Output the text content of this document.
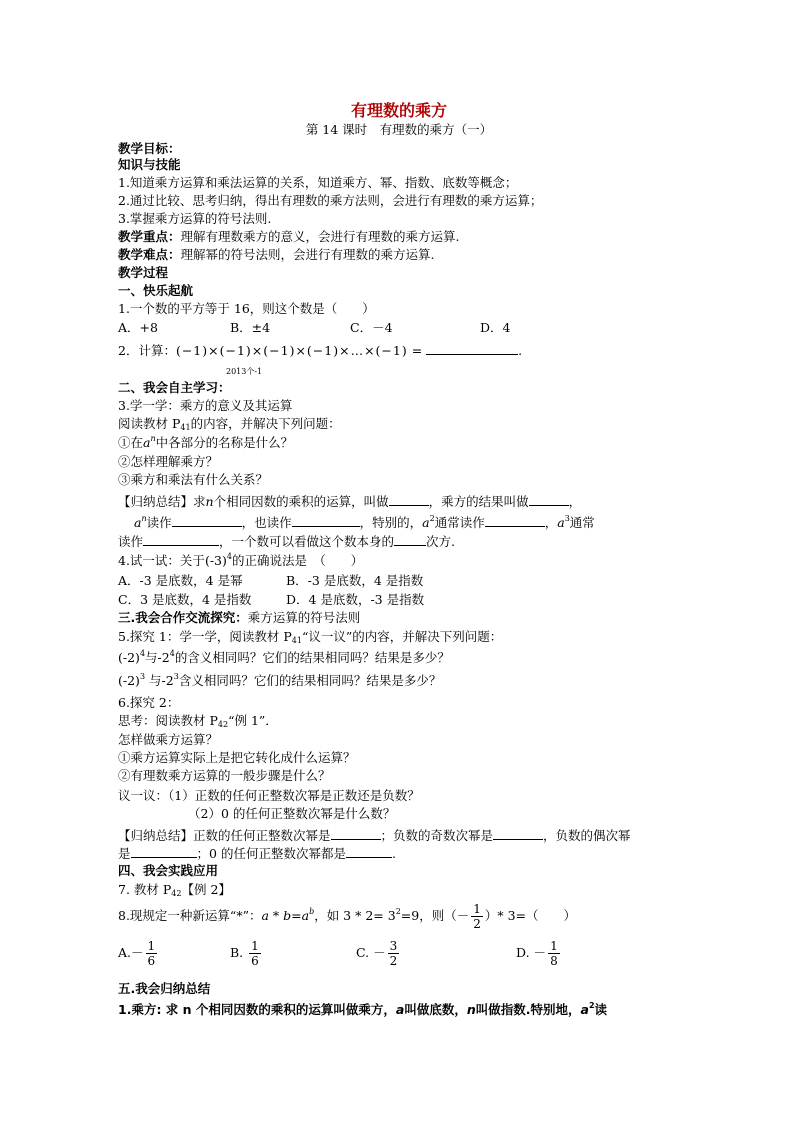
有理数的乘方
第 14 课时　有理数的乘方（一）
教学目标：
知识与技能
1.知道乘方运算和乘法运算的关系，知道乘方、幂、指数、底数等概念；
2.通过比较、思考归纳，得出有理数的乘方法则，会进行有理数的乘方运算；
3.掌握乘方运算的符号法则.
教学重点：理解有理数乘方的意义，会进行有理数的乘方运算.
教学难点：理解幂的符号法则，会进行有理数的乘方运算.
教学过程
一、快乐起航
1.一个数的平方等于 16，则这个数是（　　）
A．+8	B．±4	C．－4	D．4
2．计算：(−1)×(−1)×(−1)×(−1)×…×(−1) =	.
2013个-1
二、我会自主学习：
3.学一学：乘方的意义及其运算
阅读教材 $P_{41}$的内容，并解决下列问题：
①在$a^n$中各部分的名称是什么？
②怎样理解乘方？
③乘方和乘法有什么关系？
【归纳总结】求n个相同因数的乘积的运算，叫做	，乘方的结果叫做	，
$a^n$读作	，也读作	，特别的，$a^2$通常读作	，$a^3$通常
读作	，一个数可以看做这个数本身的	次方.
4.试一试：关于$(-3)^4$的正确说法是　（　　）
A．-3 是底数，4 是幂	B．-3 是底数，4 是指数
C．3 是底数，4 是指数	D．4 是底数，-3 是指数
三.我会合作交流探究：乘方运算的符号法则
5.探究 1：学一学，阅读教材 $P_{41}“$议一议”的内容，并解决下列问题：
$(-2)^4$与$-2^4$的含义相同吗？它们的结果相同吗？结果是多少？
$(-2)^3$ 与$-2^3$含义相同吗？它们的结果相同吗？结果是多少？
6.探究 2：
思考：阅读教材 $P_{42}“$例 1”．
怎样做乘方运算？
①乘方运算实际上是把它转化成什么运算？
②有理数乘方运算的一般步骤是什么？
议一议：（1）正数的任何正整数次幂是正数还是负数？
（2）0 的任何正整数次幂是什么数？
【归纳总结】正数的任何正整数次幂是	；负数的奇数次幂是	，负数的偶次幂
是	；0 的任何正整数次幂都是	.
四、我会实践应用
7. 教材 $P_{42}$【例 2】
8.现规定一种新运算“*”：$a * b=a^b$，如 $3 * 2= 3^2=9$，则（－ $\frac{1}{2}$ ）* 3=（　　）
$A.- \frac{1}{6}$	B. $\frac{1}{6}$	C. － $\frac{3}{2}$	D. － $\frac{1}{8}$
五.我会归纳总结
1.乘方: 求 n 个相同因数的乘积的运算叫做乘方，a叫做底数，n叫做指数.特别地，$a^2$读
